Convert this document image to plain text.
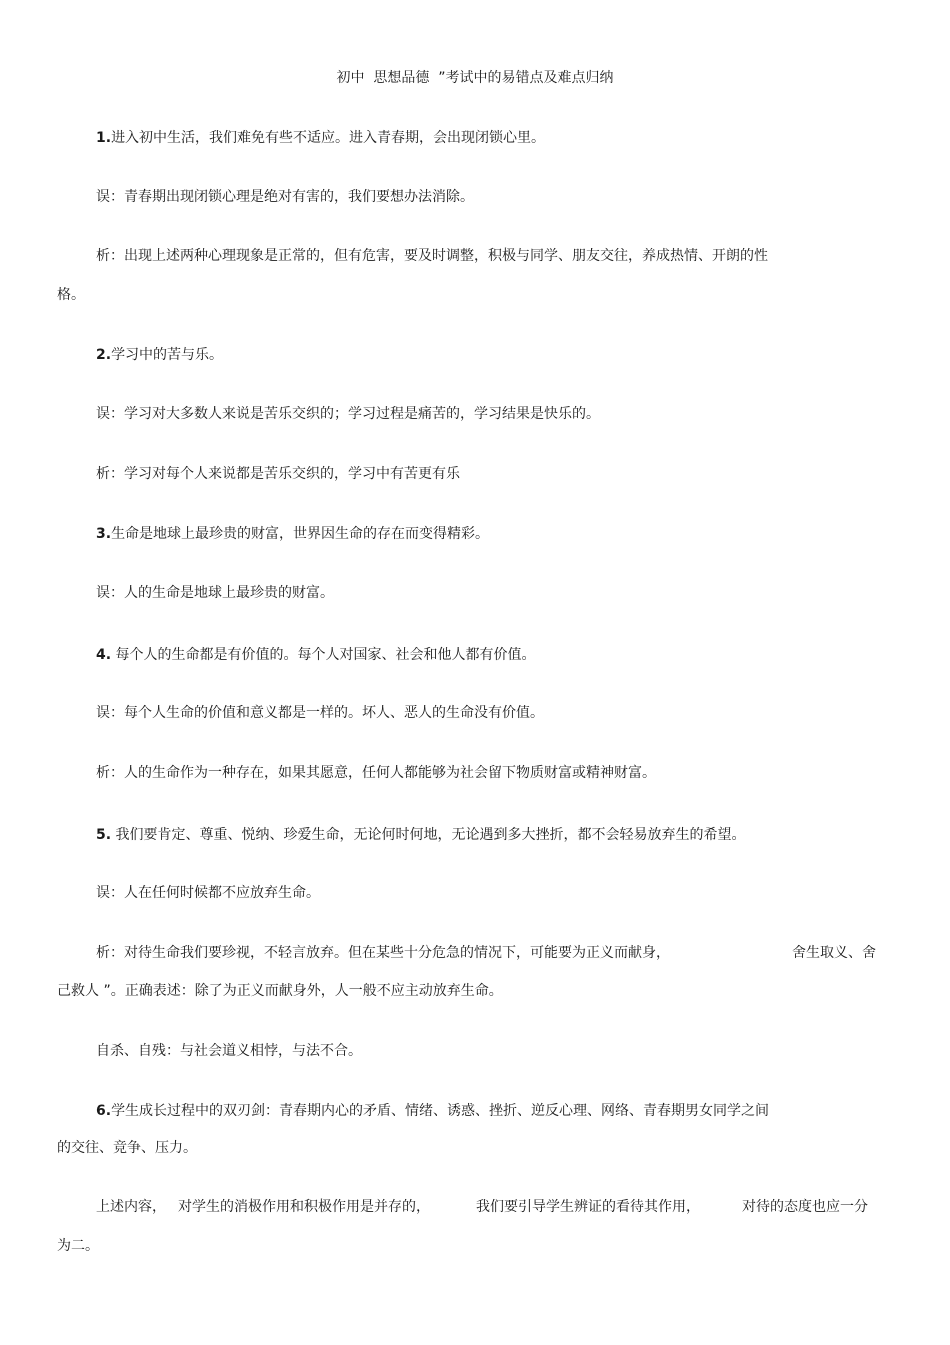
初中  思想品德  ”考试中的易错点及难点归纳
1.进入初中生活，我们难免有些不适应。进入青春期，会出现闭锁心里。
误：青春期出现闭锁心理是绝对有害的，我们要想办法消除。
析：出现上述两种心理现象是正常的，但有危害，要及时调整，积极与同学、朋友交往，养成热情、开朗的性
格。
2.学习中的苦与乐。
误：学习对大多数人来说是苦乐交织的；学习过程是痛苦的，学习结果是快乐的。
析：学习对每个人来说都是苦乐交织的，学习中有苦更有乐
3.生命是地球上最珍贵的财富，世界因生命的存在而变得精彩。
误：人的生命是地球上最珍贵的财富。
4. 每个人的生命都是有价值的。每个人对国家、社会和他人都有价值。
误：每个人生命的价值和意义都是一样的。坏人、恶人的生命没有价值。
析：人的生命作为一种存在，如果其愿意，任何人都能够为社会留下物质财富或精神财富。
5. 我们要肯定、尊重、悦纳、珍爱生命，无论何时何地，无论遇到多大挫折，都不会轻易放弃生的希望。
误：人在任何时候都不应放弃生命。
析：对待生命我们要珍视，不轻言放弃。但在某些十分危急的情况下，可能要为正义而献身，	舍生取义、舍
己救人 ”。正确表述：除了为正义而献身外，人一般不应主动放弃生命。
自杀、自残：与社会道义相悖，与法不合。
6.学生成长过程中的双刃剑：青春期内心的矛盾、情绪、诱惑、挫折、逆反心理、网络、青春期男女同学之间
的交往、竞争、压力。
上述内容， 对学生的消极作用和积极作用是并存的，	我们要引导学生辨证的看待其作用，	对待的态度也应一分
为二。
